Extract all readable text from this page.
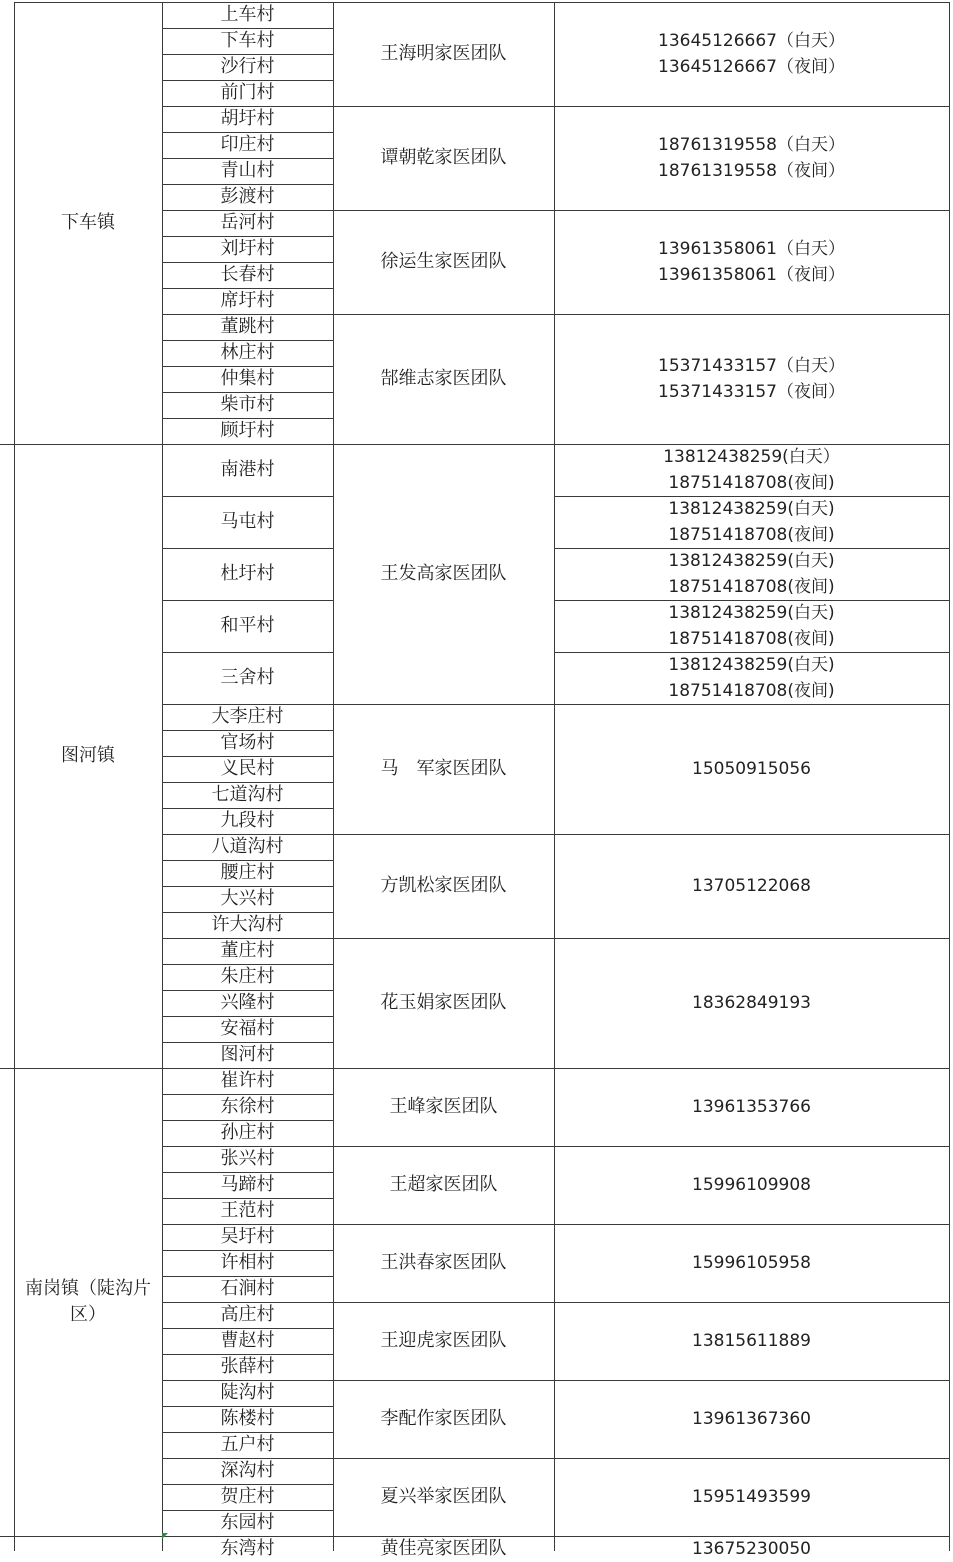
上车村
下车村
沙行村
前门村
13645126667（白天）
13645126667（夜间）
王海明家医团队
胡圩村
印庄村
青山村
彭渡村
18761319558（白天）
18761319558（夜间）
谭朝乾家医团队
岳河村
刘圩村
长春村
席圩村
13961358061（白天）
13961358061（夜间）
徐运生家医团队
董跳村
林庄村
仲集村
柴市村
顾圩村
15371433157（白天）
15371433157（夜间）
郜维志家医团队
下车镇
南港村
13812438259(白天）
18751418708(夜间)
马屯村
13812438259(白天)
18751418708(夜间)
杜圩村
13812438259(白天)
18751418708(夜间)
和平村
13812438259(白天)
18751418708(夜间)
三舍村
13812438259(白天)
18751418708(夜间)
王发高家医团队
大李庄村
官场村
义民村
七道沟村
九段村
15050915056
马　军家医团队
八道沟村
腰庄村
大兴村
许大沟村
13705122068
方凯松家医团队
董庄村
朱庄村
兴隆村
安福村
图河村
18362849193
花玉娟家医团队
图河镇
崔许村
东徐村
孙庄村
13961353766
王峰家医团队
张兴村
马蹄村
王范村
15996109908
王超家医团队
吴圩村
许相村
石涧村
15996105958
王洪春家医团队
高庄村
曹赵村
张薛村
13815611889
王迎虎家医团队
陡沟村
陈楼村
五户村
13961367360
李配作家医团队
深沟村
贺庄村
东园村
15951493599
夏兴举家医团队
南岗镇（陡沟片区）
东湾村	13675230050
黄佳亮家医团队
